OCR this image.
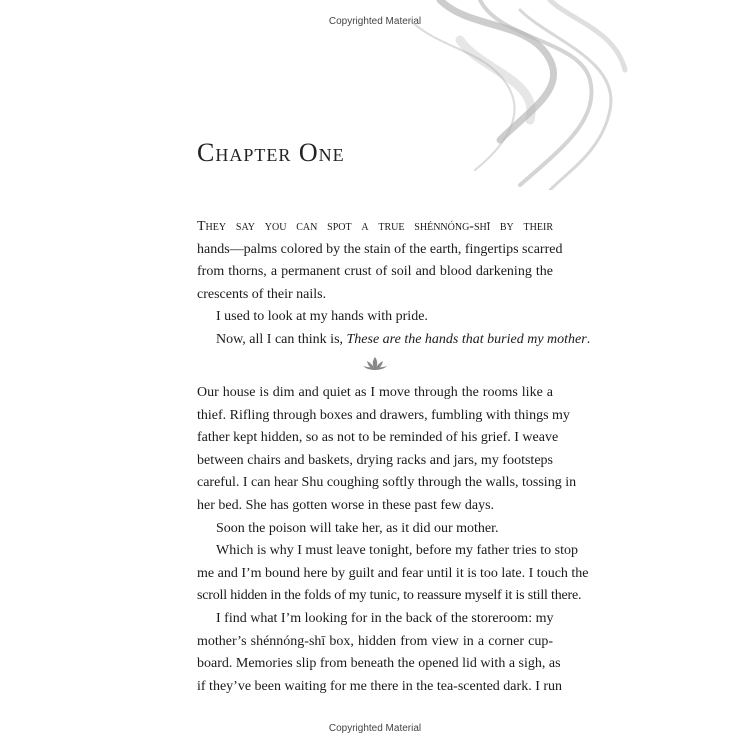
Copyrighted Material
Chapter One
They say you can spot a true shénnóng-shī by their
hands—palms colored by the stain of the earth, fingertips scarred
from thorns, a permanent crust of soil and blood darkening the
crescents of their nails.
I used to look at my hands with pride.
Now, all I can think is, These are the hands that buried my mother.
Our house is dim and quiet as I move through the rooms like a
thief. Rifling through boxes and drawers, fumbling with things my
father kept hidden, so as not to be reminded of his grief. I weave
between chairs and baskets, drying racks and jars, my footsteps
careful. I can hear Shu coughing softly through the walls, tossing in
her bed. She has gotten worse in these past few days.
Soon the poison will take her, as it did our mother.
Which is why I must leave tonight, before my father tries to stop
me and I’m bound here by guilt and fear until it is too late. I touch the
scroll hidden in the folds of my tunic, to reassure myself it is still there.
I find what I’m looking for in the back of the storeroom: my
mother’s shénnóng-shī box, hidden from view in a corner cup-
board. Memories slip from beneath the opened lid with a sigh, as
if they’ve been waiting for me there in the tea-scented dark. I run
Copyrighted Material
